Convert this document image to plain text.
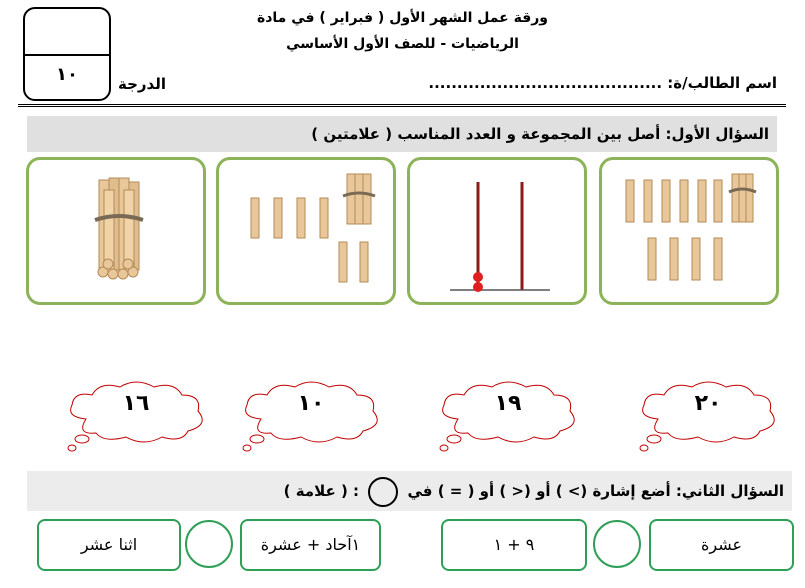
ورقة عمل الشهر الأول ( فبراير ) في مادة
الرياضيات - للصف الأول الأساسي
اسم الطالب/ة: .........................................
الدرجة
١٠
السؤال الأول: أصل بين المجموعة و العدد المناسب ( علامتين )
٢٠
١٩
١٠
١٦
السؤال الثاني: أضع إشارة (> ) أو (< ) أو ( = ) في  : ( علامة )
عشرة
٩ + ١
١آحاد + عشرة
اثنا عشر
